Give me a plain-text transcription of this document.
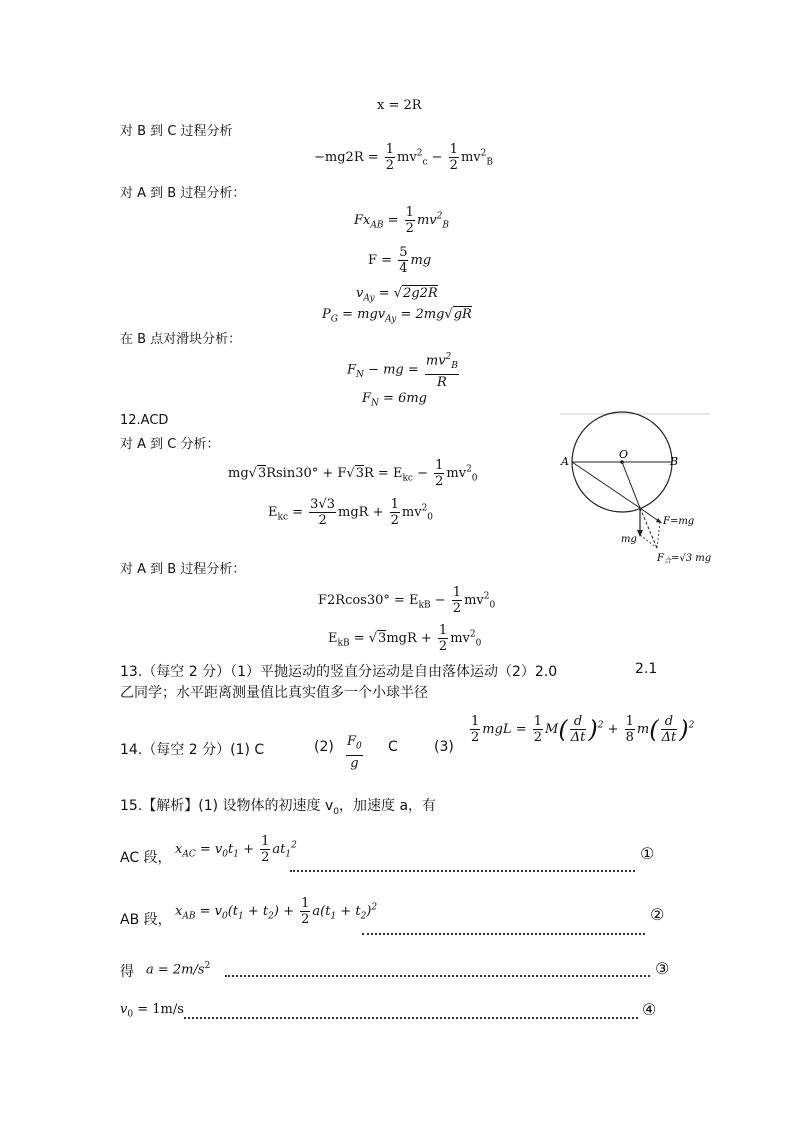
x = 2R
对 B 到 C 过程分析
$-mg2R = \frac{1}{2} mv^2_c - \frac{1}{2} mv^2_B$
对 A 到 B 过程分析：
$Fx_{AB} = \frac{1}{2} mv^2_B$
$F = \frac{5}{4}$ mg
$v_{Ay} = √2g2R$
$P_G = mgv_{Ay} = 2mg√gR$
在 B 点对滑块分析：
$F_N$ − mg = $\frac{mv^2_B}{R}$
$F_N = 6mg$
12.ACD
对 A 到 C 分析：
$mg√3Rsin30^\circ + F√3R = E_{kc} - \frac{1}{2} mv^2_0$
$E_{kc} = \frac{3√3}{2}$ mgR + $\frac{1}{2} mv^2_0$
对 A 到 B 过程分析：
$F2Rcos30^\circ = E_{kB} - \frac{1}{2} mv^2_0$
$E_{kB} = √3mgR + \frac{1}{2} mv^2_0$
A
O
B
F=mg
mg
$F_合=√3$ mg
13.（每空 2 分）（1）平抛运动的竖直分运动是自由落体运动（2）2.0	2.1
乙同学；水平距离测量值比真实值多一个小球半径
14.（每空 2 分）(1) C	$(2) \frac{F_0}{g}$ C	(3)
$\frac{1}{2}$ mgL = $\frac{1}{2} M( \frac{d}{\Delta t} )^2 + \frac{1}{8} m( \frac{d}{\Delta t} )^2$
15.【解析】(1) 设物体的初速度 $v_0$，加速度 a，有
AC 段，
$x_{AC} = v_0t_1 + \frac{1}{2} at_1^2$	①
AB 段，
$x_{AB} = v_0(t_1 + t_2) + \frac{1}{2} a(t_1 + t_2)^2$	②
得 $a = 2m/s^2$	③
$v_0 = 1m/s$	④
